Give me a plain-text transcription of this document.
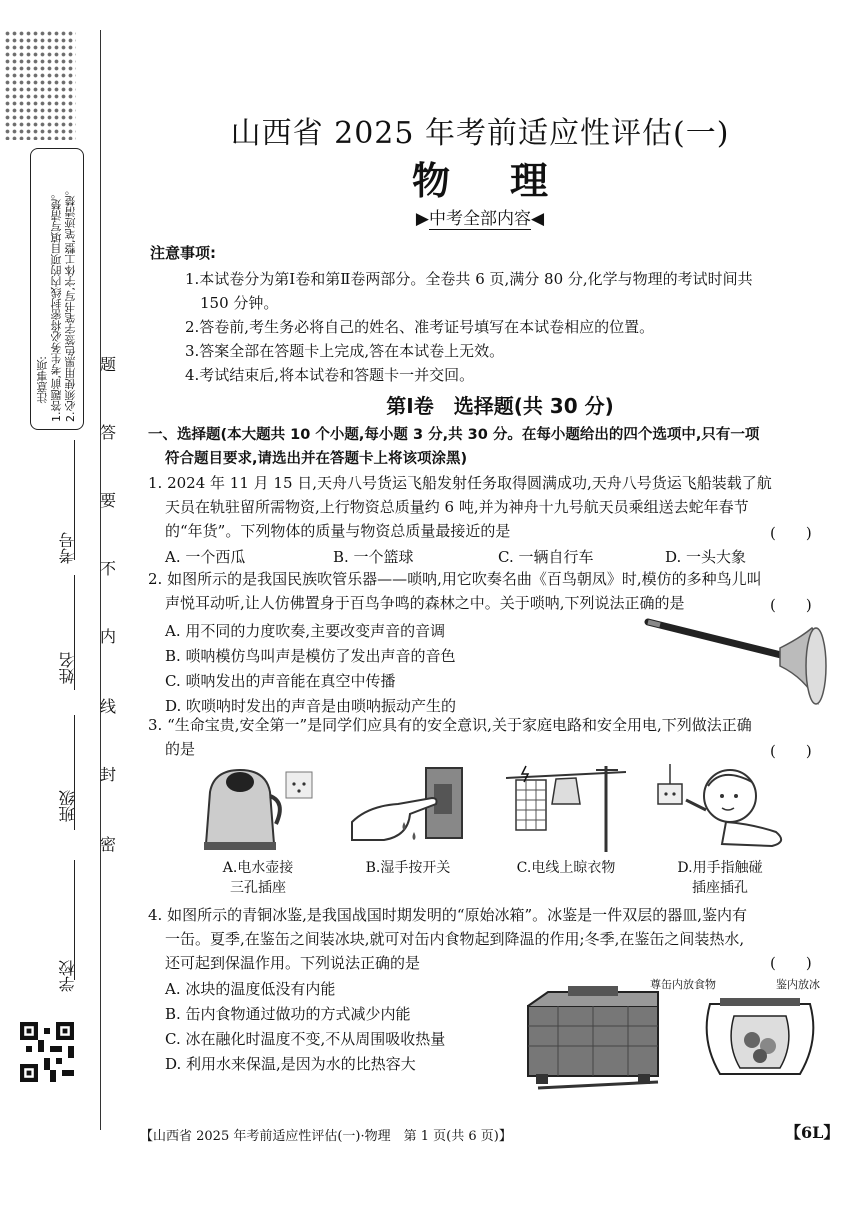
注意事项: 1.答题前,考生务必将密封线内的项目填写清楚。 2.必须使用黑色签字笔书写,字体工整,笔迹清楚。
考号
姓名
班级
学校
密
封
线
内
不
要
答
题
山西省 2025 年考前适应性评估(一)
物理
▶中考全部内容◀
注意事项:
1.本试卷分为第Ⅰ卷和第Ⅱ卷两部分。全卷共 6 页,满分 80 分,化学与物理的考试时间共
150 分钟。
2.答卷前,考生务必将自己的姓名、准考证号填写在本试卷相应的位置。
3.答案全部在答题卡上完成,答在本试卷上无效。
4.考试结束后,将本试卷和答题卡一并交回。
第Ⅰ卷　选择题(共 30 分)
一、选择题(本大题共 10 个小题,每小题 3 分,共 30 分。在每小题给出的四个选项中,只有一项
符合题目要求,请选出并在答题卡上将该项涂黑)
1. 2024 年 11 月 15 日,天舟八号货运飞船发射任务取得圆满成功,天舟八号货运飞船装载了航
天员在轨驻留所需物资,上行物资总质量约 6 吨,并为神舟十九号航天员乘组送去蛇年春节
的“年货”。下列物体的质量与物资总质量最接近的是	(　　)
A. 一个西瓜	B. 一个篮球	C. 一辆自行车	D. 一头大象
2. 如图所示的是我国民族吹管乐器——唢呐,用它吹奏名曲《百鸟朝凤》时,模仿的多种鸟儿叫
声悦耳动听,让人仿佛置身于百鸟争鸣的森林之中。关于唢呐,下列说法正确的是	(　　)
A. 用不同的力度吹奏,主要改变声音的音调
B. 唢呐模仿鸟叫声是模仿了发出声音的音色
C. 唢呐发出的声音能在真空中传播
D. 吹唢呐时发出的声音是由唢呐振动产生的
3. “生命宝贵,安全第一”是同学们应具有的安全意识,关于家庭电路和安全用电,下列做法正确
的是	(　　)
A.电水壶接
三孔插座
B.湿手按开关	C.电线上晾衣物	D.用手指触碰
插座插孔
4. 如图所示的青铜冰鉴,是我国战国时期发明的“原始冰箱”。冰鉴是一件双层的器皿,鉴内有
一缶。夏季,在鉴缶之间装冰块,就可对缶内食物起到降温的作用;冬季,在鉴缶之间装热水,
还可起到保温作用。下列说法正确的是	(　　)
A. 冰块的温度低没有内能
B. 缶内食物通过做功的方式减少内能
C. 冰在融化时温度不变,不从周围吸收热量
D. 利用水来保温,是因为水的比热容大
尊缶内放食物	鉴内放冰
【山西省 2025 年考前适应性评估(一)·物理　第 1 页(共 6 页)】	【6L】
